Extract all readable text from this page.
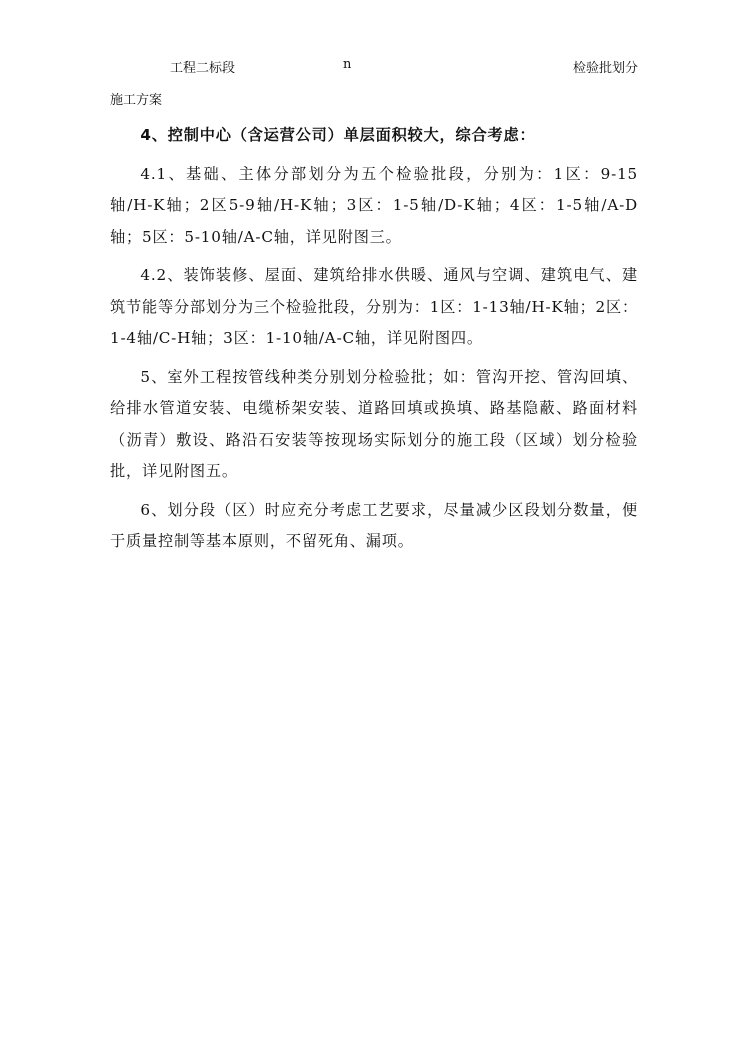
工程二标段	n	检验批划分
施工方案

4、控制中心（含运营公司）单层面积较大，综合考虑：

4.1、基础、主体分部划分为五个检验批段，分别为：1区：9-15轴/H-K轴；2区5-9轴/H-K轴；3区：1-5轴/D-K轴；4区：1-5轴/A-D轴；5区：5-10轴/A-C轴，详见附图三。

4.2、装饰装修、屋面、建筑给排水供暖、通风与空调、建筑电气、建筑节能等分部划分为三个检验批段，分别为：1区：1-13轴/H-K轴；2区：1-4轴/C-H轴；3区：1-10轴/A-C轴，详见附图四。

5、室外工程按管线种类分别划分检验批；如：管沟开挖、管沟回填、给排水管道安装、电缆桥架安装、道路回填或换填、路基隐蔽、路面材料（沥青）敷设、路沿石安装等按现场实际划分的施工段（区域）划分检验批，详见附图五。

6、划分段（区）时应充分考虑工艺要求，尽量减少区段划分数量，便于质量控制等基本原则，不留死角、漏项。
